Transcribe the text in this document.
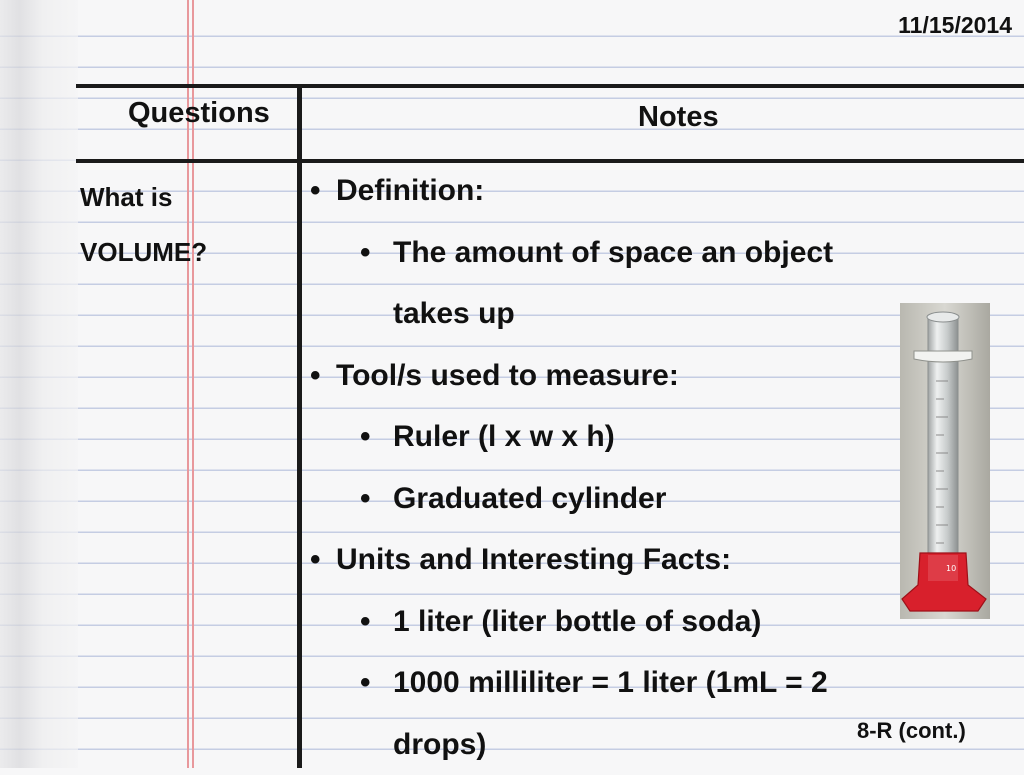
11/15/2014
Questions	Notes
What is
VOLUME?
• Definition:
• The amount of space an object
takes up
• Tool/s used to measure:
• Ruler (l x w x h)
• Graduated cylinder
• Units and Interesting Facts:
• 1 liter (liter bottle of soda)
• 1000 milliliter = 1 liter (1mL = 2
drops)
10
8-R (cont.)
